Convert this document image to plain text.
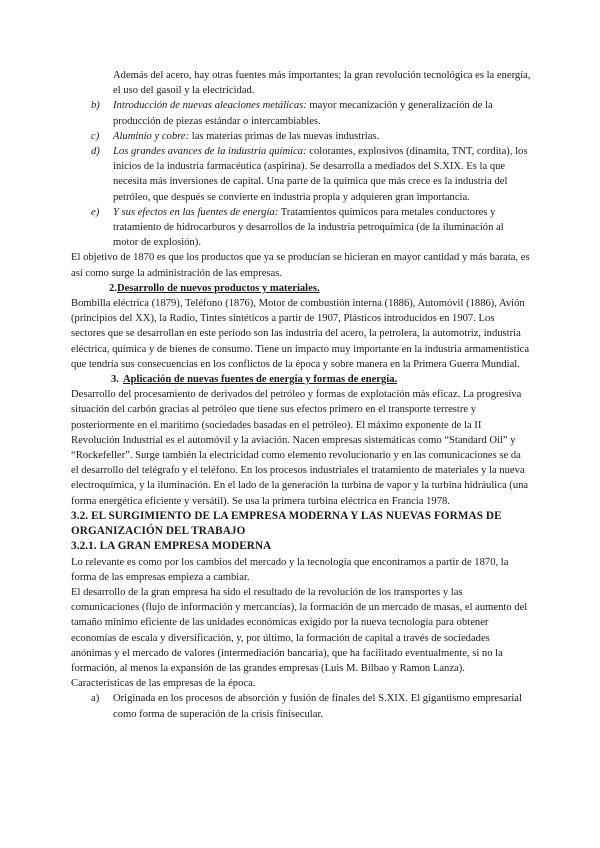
Además del acero, hay otras fuentes más importantes; la gran revolución tecnológica es la energía, el uso del gasoil y la electricidad.

b) Introducción de nuevas aleaciones metálicas: mayor mecanización y generalización de la producción de piezas estándar o intercambiables.
c) Aluminio y cobre: las materias primas de las nuevas industrias.
d) Los grandes avances de la industria química: colorantes, explosivos (dinamita, TNT, cordita), los inicios de la industria farmacéutica (aspirina). Se desarrolla a mediados del S.XIX. Es la que necesita más inversiones de capital. Una parte de la química que más crece es la industria del petróleo, que después se convierte en industria propia y adquieren gran importancia.
e) Y sus efectos en las fuentes de energía: Tratamientos químicos para metales conductores y tratamiento de hidrocarburos y desarrollos de la industria petroquímica (de la iluminación al motor de explosión).

El objetivo de 1870 es que los productos que ya se producían se hicieran en mayor cantidad y más barata, es así como surge la administración de las empresas.

2.Desarrollo de nuevos productos y materiales.

Bombilla eléctrica (1879), Teléfono (1876), Motor de combustión interna (1886), Automóvil (1886), Avión (principios del XX), la Radio, Tintes sintéticos a partir de 1907, Plásticos introducidos en 1907. Los sectores que se desarrollan en este período son las industria del acero, la petrolera, la automotriz, industria eléctrica, química y de bienes de consumo. Tiene un impacto muy importante en la industria armamentística que tendría sus consecuencias en los conflictos de la época y sobre manera en la Primera Guerra Mundial.

3. Aplicación de nuevas fuentes de energía y formas de energía.

Desarrollo del procesamiento de derivados del petróleo y formas de explotación más eficaz. La progresiva situación del carbón gracias al petróleo que tiene sus efectos primero en el transporte terrestre y posteriormente en el marítimo (sociedades basadas en el petróleo). El máximo exponente de la II Revolución Industrial es el automóvil y la aviación. Nacen empresas sistemáticas como “Standard Oil” y “Rockefeller”. Surge también la electricidad como elemento revolucionario y en las comunicaciones se da el desarrollo del telégrafo y el teléfono. En los procesos industriales el tratamiento de materiales y la nueva electroquímica, y la iluminación. En el lado de la generación la turbina de vapor y la turbina hidráulica (una forma energética eficiente y versátil). Se usa la primera turbina eléctrica en Francia 1978.

3.2. EL SURGIMIENTO DE LA EMPRESA MODERNA Y LAS NUEVAS FORMAS DE ORGANIZACIÓN DEL TRABAJO

3.2.1. LA GRAN EMPRESA MODERNA

Lo relevante es como por los cambios del mercado y la tecnología que encontramos a partir de 1870, la forma de las empresas empieza a cambiar.

El desarrollo de la gran empresa ha sido el resultado de la revolución de los transportes y las comunicaciones (flujo de información y mercancías), la formación de un mercado de masas, el aumento del tamaño mínimo eficiente de las unidades económicas exigido por la nueva tecnología para obtener economías de escala y diversificación, y, por último, la formación de capital a través de sociedades anónimas y el mercado de valores (intermediación bancaria), que ha facilitado eventualmente, si no la formación, al menos la expansión de las grandes empresas (Luis M. Bilbao y Ramon Lanza).

Características de las empresas de la época.

a) Originada en los procesos de absorción y fusión de finales del S.XIX. El gigantismo empresarial como forma de superación de la crisis finisecular.
